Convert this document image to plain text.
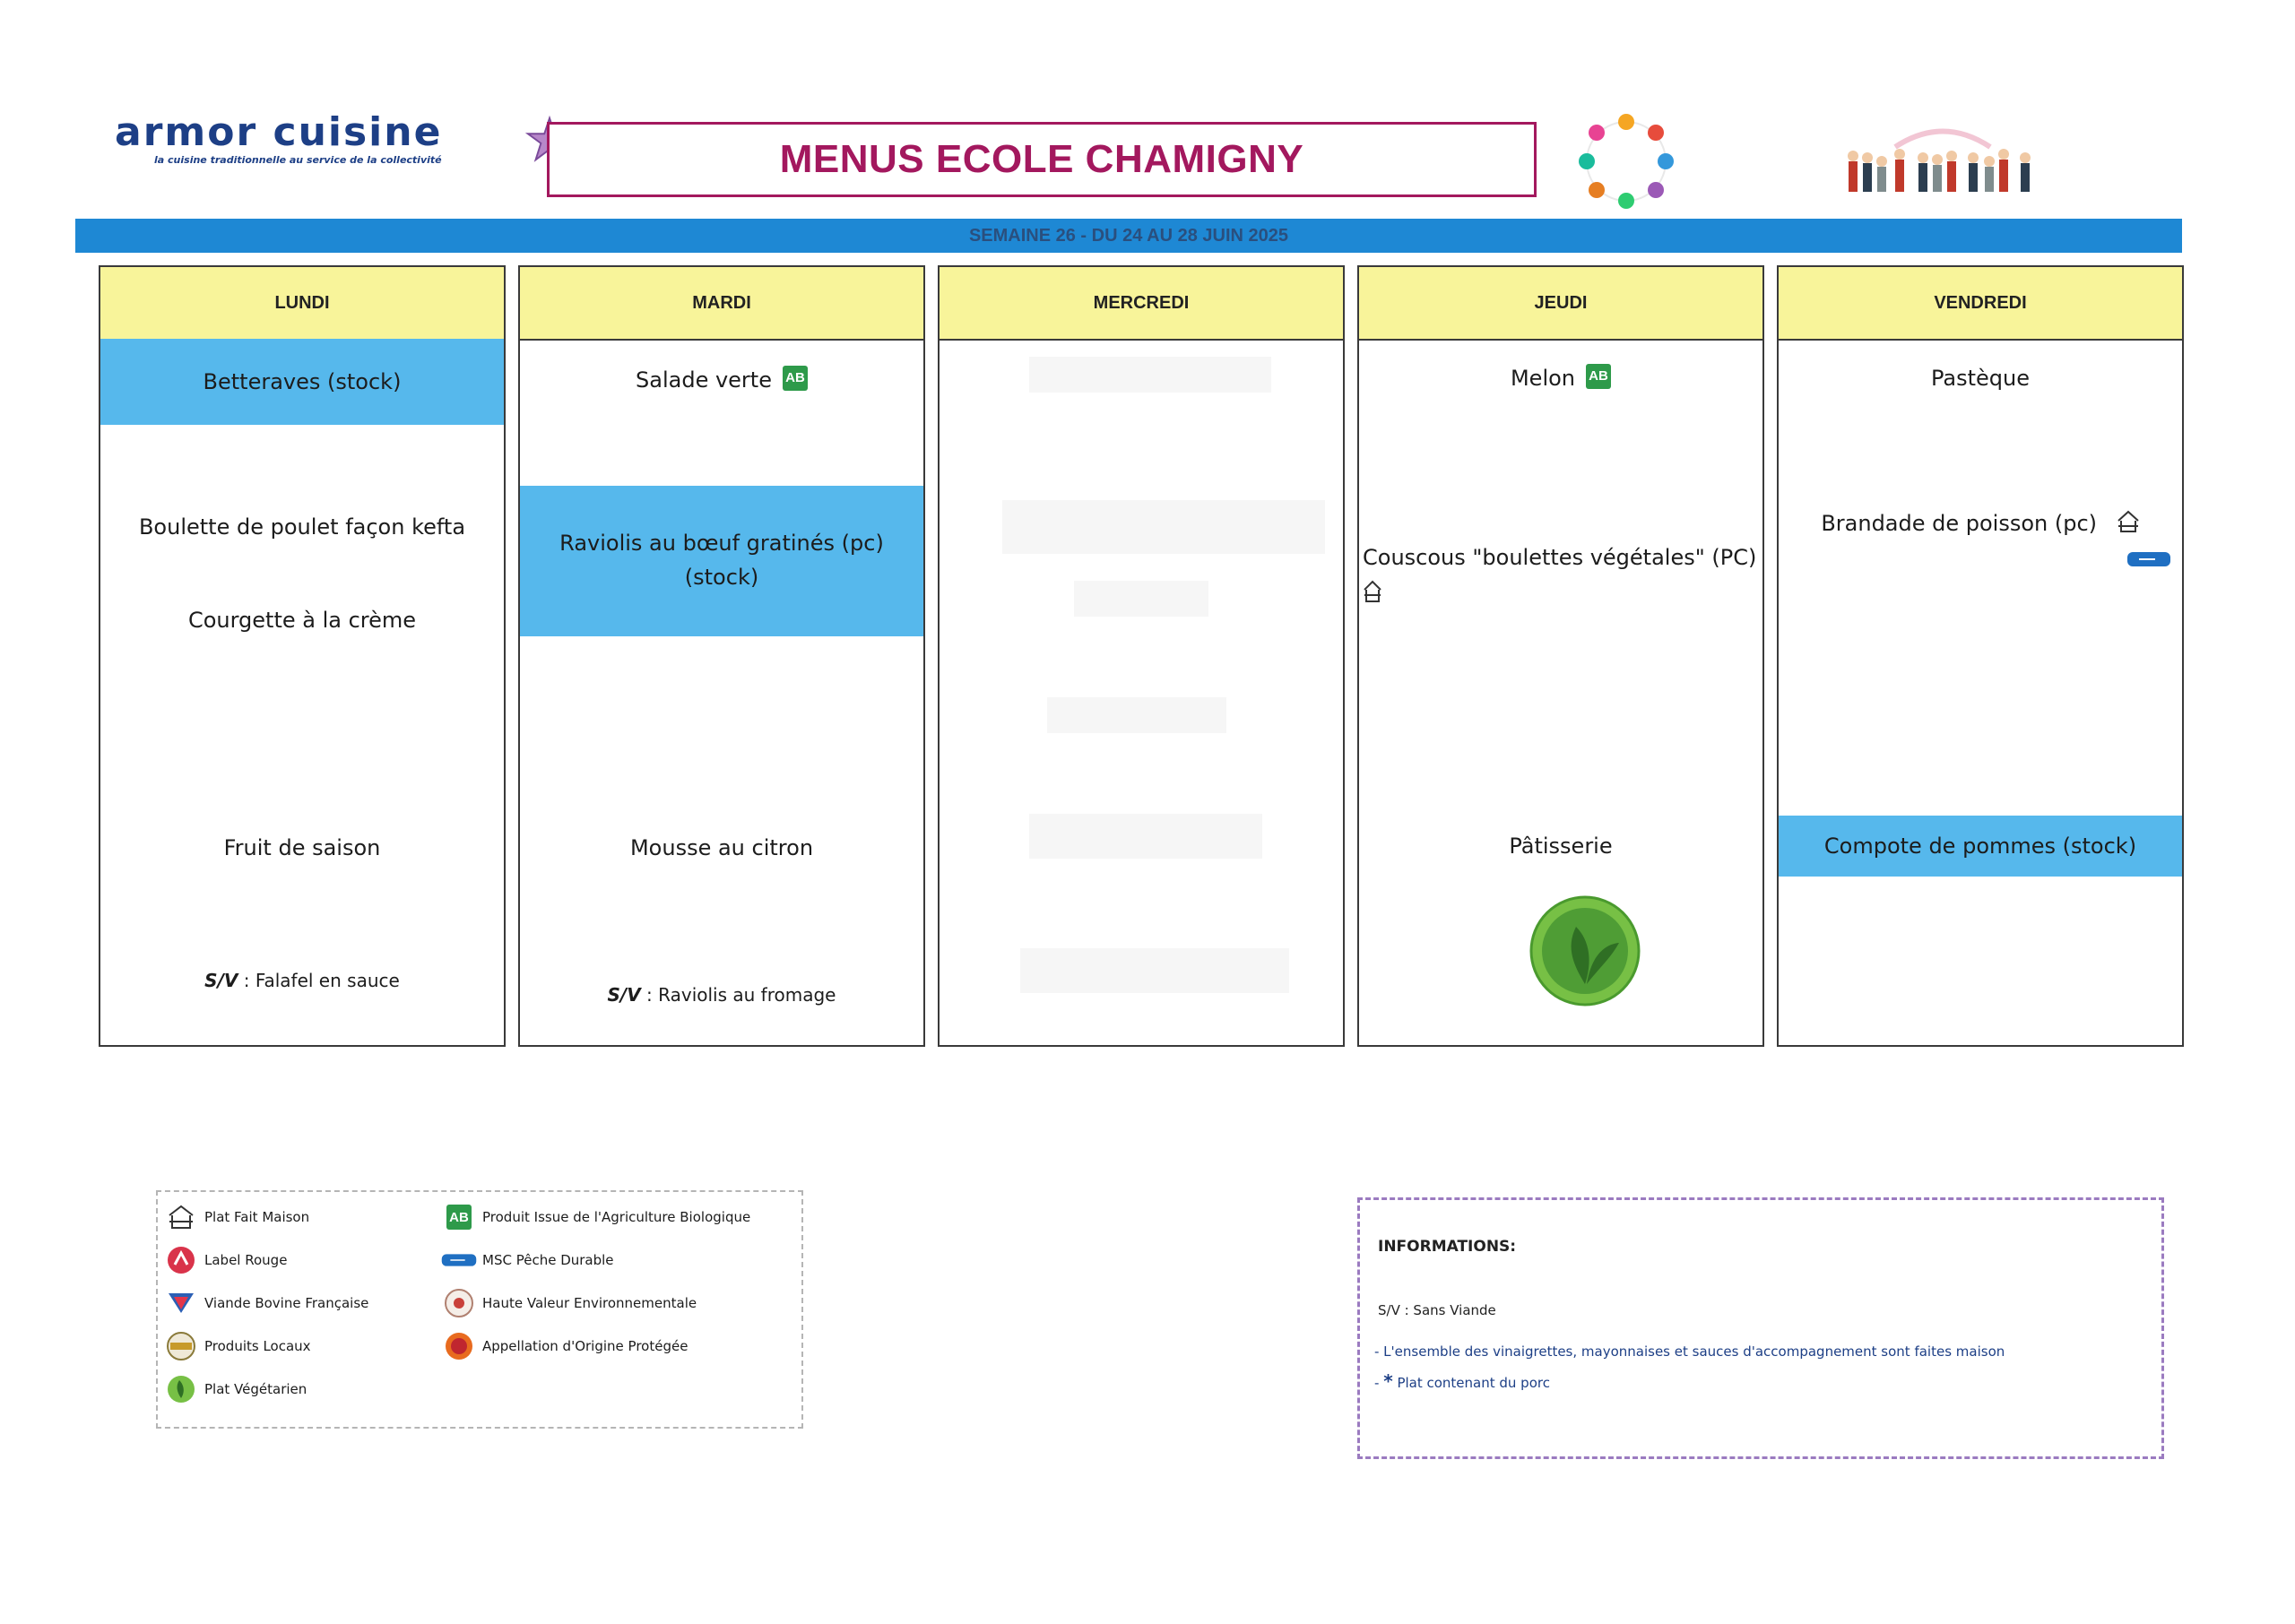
armor cuisine
la cuisine traditionnelle au service de la collectivité	MENUS ECOLE CHAMIGNY
SEMAINE 26 - DU 24 AU 28 JUIN 2025
LUNDI
Betteraves (stock)
Boulette de poulet façon kefta
Courgette à la crème
Fruit de saison
S/V : Falafel en sauce
MARDI
Salade verte AB
Raviolis au bœuf gratinés (pc)
(stock)
Mousse au citron
S/V : Raviolis au fromage
MERCREDI	JEUDI
Melon AB
Couscous "boulettes végétales" (PC)
Pâtisserie
VENDREDI
Pastèque
Brandade de poisson (pc)
Compote de pommes (stock)
Plat Fait Maison
Label Rouge
Viande Bovine Française
Produits Locaux
Plat Végétarien
AB Produit Issue de l'Agriculture Biologique
MSC Pêche Durable
Haute Valeur Environnementale
Appellation d'Origine Protégée
INFORMATIONS:
S/V : Sans Viande
- L'ensemble des vinaigrettes, mayonnaises et sauces d'accompagnement sont faites maison
- * Plat contenant du porc
